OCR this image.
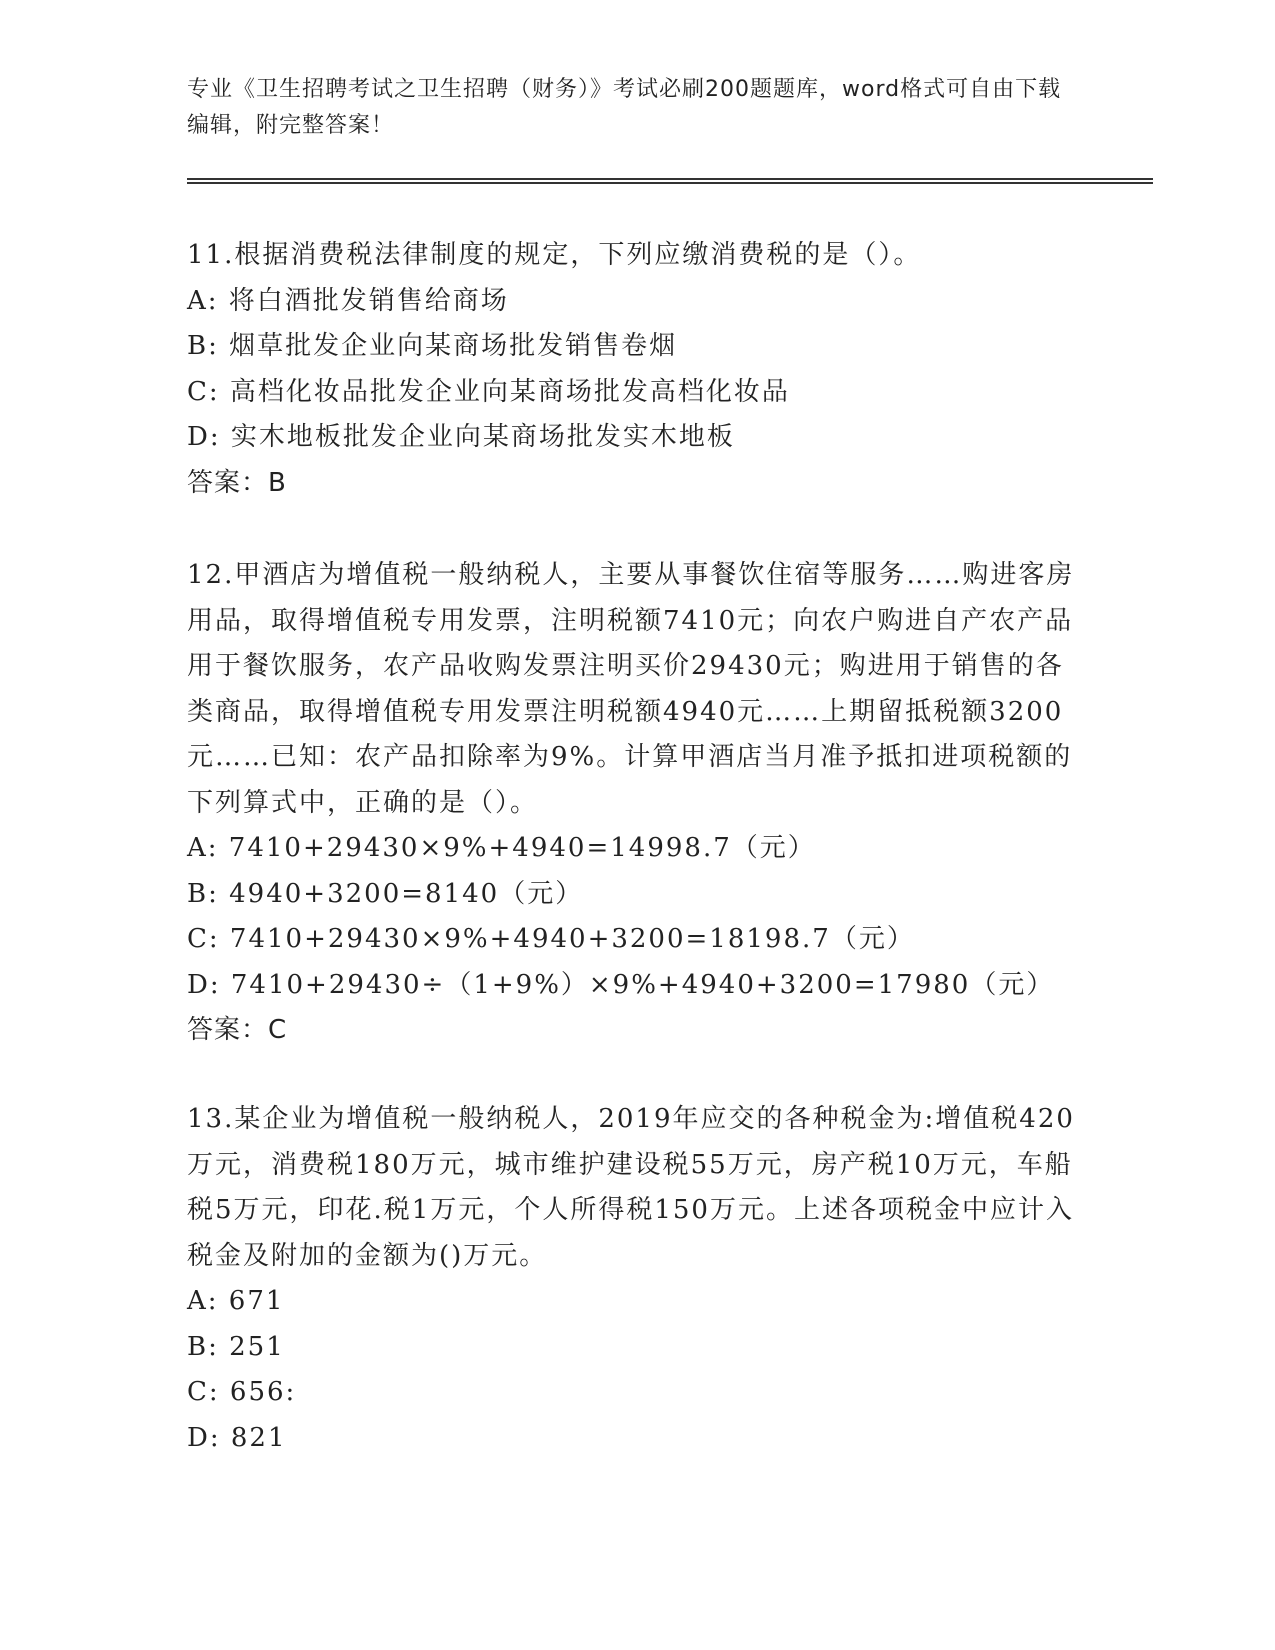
专业《卫生招聘考试之卫生招聘（财务）》考试必刷200题题库，word格式可自由下载编辑，附完整答案！

11.根据消费税法律制度的规定，下列应缴消费税的是（）。

A: 将白酒批发销售给商场

B: 烟草批发企业向某商场批发销售卷烟

C: 高档化妆品批发企业向某商场批发高档化妆品

D: 实木地板批发企业向某商场批发实木地板

答案：B

12.甲酒店为增值税一般纳税人，主要从事餐饮住宿等服务……购进客房用品，取得增值税专用发票，注明税额7410元；向农户购进自产农产品用于餐饮服务，农产品收购发票注明买价29430元；购进用于销售的各类商品，取得增值税专用发票注明税额4940元……上期留抵税额3200元……已知：农产品扣除率为9%。计算甲酒店当月准予抵扣进项税额的下列算式中，正确的是（）。

A: 7410+29430×9%+4940=14998.7（元）

B: 4940+3200=8140（元）

C: 7410+29430×9%+4940+3200=18198.7（元）

D: 7410+29430÷（1+9%）×9%+4940+3200=17980（元）

答案：C

13.某企业为增值税一般纳税人，2019年应交的各种税金为:增值税420万元，消费税180万元，城市维护建设税55万元，房产税10万元，车船税5万元，印花.税1万元，个人所得税150万元。上述各项税金中应计入税金及附加的金额为()万元。

A: 671

B: 251

C: 656:

D: 821
